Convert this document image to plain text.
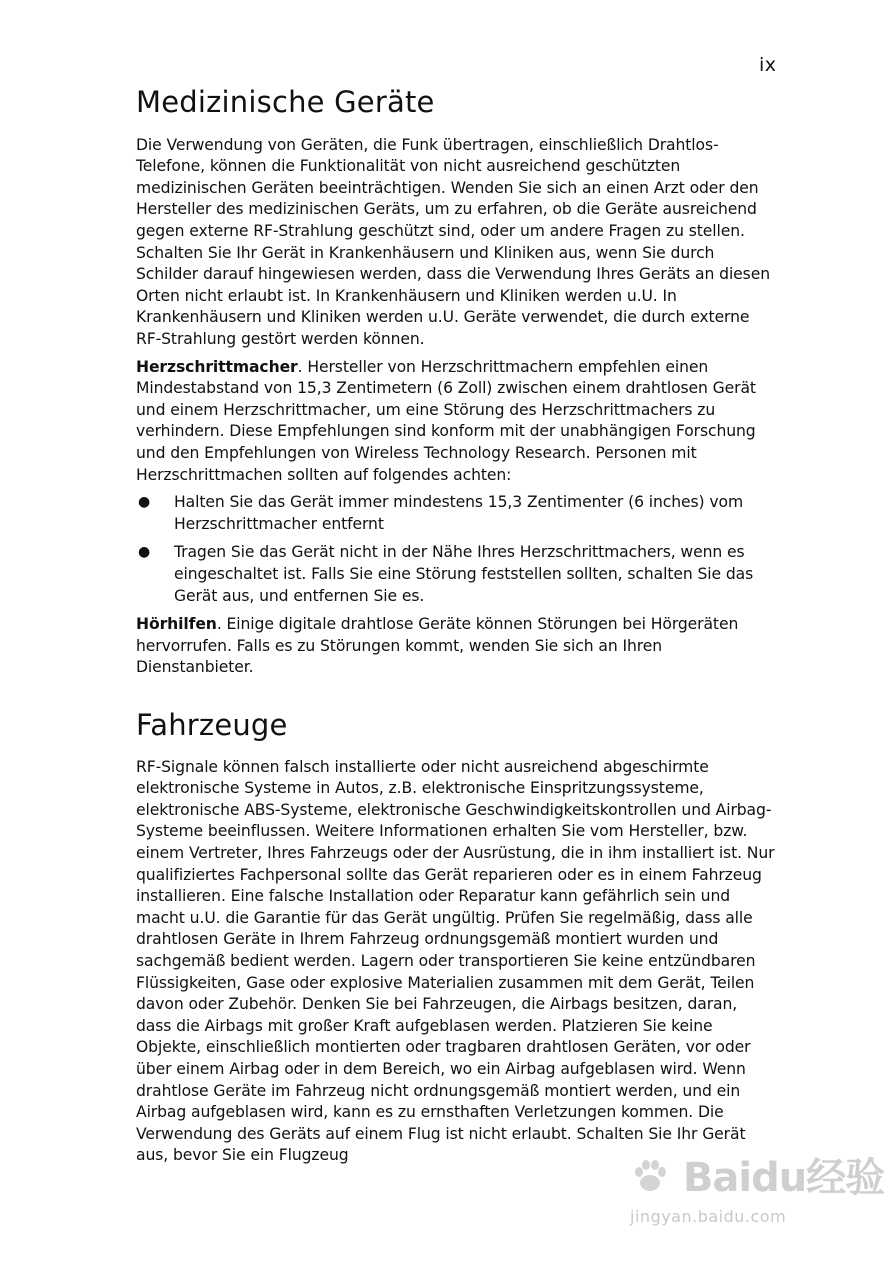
ix
Medizinische Geräte

Die Verwendung von Geräten, die Funk übertragen, einschließlich Drahtlos-Telefone, können die Funktionalität von nicht ausreichend geschützten medizinischen Geräten beeinträchtigen. Wenden Sie sich an einen Arzt oder den Hersteller des medizinischen Geräts, um zu erfahren, ob die Geräte ausreichend gegen externe RF-Strahlung geschützt sind, oder um andere Fragen zu stellen. Schalten Sie Ihr Gerät in Krankenhäusern und Kliniken aus, wenn Sie durch Schilder darauf hingewiesen werden, dass die Verwendung Ihres Geräts an diesen Orten nicht erlaubt ist. In Krankenhäusern und Kliniken werden u.U. In Krankenhäusern und Kliniken werden u.U. Geräte verwendet, die durch externe RF-Strahlung gestört werden können.

Herzschrittmacher. Hersteller von Herzschrittmachern empfehlen einen Mindestabstand von 15,3 Zentimetern (6 Zoll) zwischen einem drahtlosen Gerät und einem Herzschrittmacher, um eine Störung des Herzschrittmachers zu verhindern. Diese Empfehlungen sind konform mit der unabhängigen Forschung und den Empfehlungen von Wireless Technology Research. Personen mit Herzschrittmachen sollten auf folgendes achten:

● Halten Sie das Gerät immer mindestens 15,3 Zentimenter (6 inches) vom Herzschrittmacher entfernt
● Tragen Sie das Gerät nicht in der Nähe Ihres Herzschrittmachers, wenn es eingeschaltet ist. Falls Sie eine Störung feststellen sollten, schalten Sie das Gerät aus, und entfernen Sie es.

Hörhilfen. Einige digitale drahtlose Geräte können Störungen bei Hörgeräten hervorrufen. Falls es zu Störungen kommt, wenden Sie sich an Ihren Dienstanbieter.

Fahrzeuge

RF-Signale können falsch installierte oder nicht ausreichend abgeschirmte elektronische Systeme in Autos, z.B. elektronische Einspritzungssysteme, elektronische ABS-Systeme, elektronische Geschwindigkeitskontrollen und Airbag-Systeme beeinflussen. Weitere Informationen erhalten Sie vom Hersteller, bzw. einem Vertreter, Ihres Fahrzeugs oder der Ausrüstung, die in ihm installiert ist. Nur qualifiziertes Fachpersonal sollte das Gerät reparieren oder es in einem Fahrzeug installieren. Eine falsche Installation oder Reparatur kann gefährlich sein und macht u.U. die Garantie für das Gerät ungültig. Prüfen Sie regelmäßig, dass alle drahtlosen Geräte in Ihrem Fahrzeug ordnungsgemäß montiert wurden und sachgemäß bedient werden. Lagern oder transportieren Sie keine entzündbaren Flüssigkeiten, Gase oder explosive Materialien zusammen mit dem Gerät, Teilen davon oder Zubehör. Denken Sie bei Fahrzeugen, die Airbags besitzen, daran, dass die Airbags mit großer Kraft aufgeblasen werden. Platzieren Sie keine Objekte, einschließlich montierten oder tragbaren drahtlosen Geräten, vor oder über einem Airbag oder in dem Bereich, wo ein Airbag aufgeblasen wird. Wenn drahtlose Geräte im Fahrzeug nicht ordnungsgemäß montiert werden, und ein Airbag aufgeblasen wird, kann es zu ernsthaften Verletzungen kommen. Die Verwendung des Geräts auf einem Flug ist nicht erlaubt. Schalten Sie Ihr Gerät aus, bevor Sie ein Flugzeug	Baidu经验
jingyan.baidu.com
